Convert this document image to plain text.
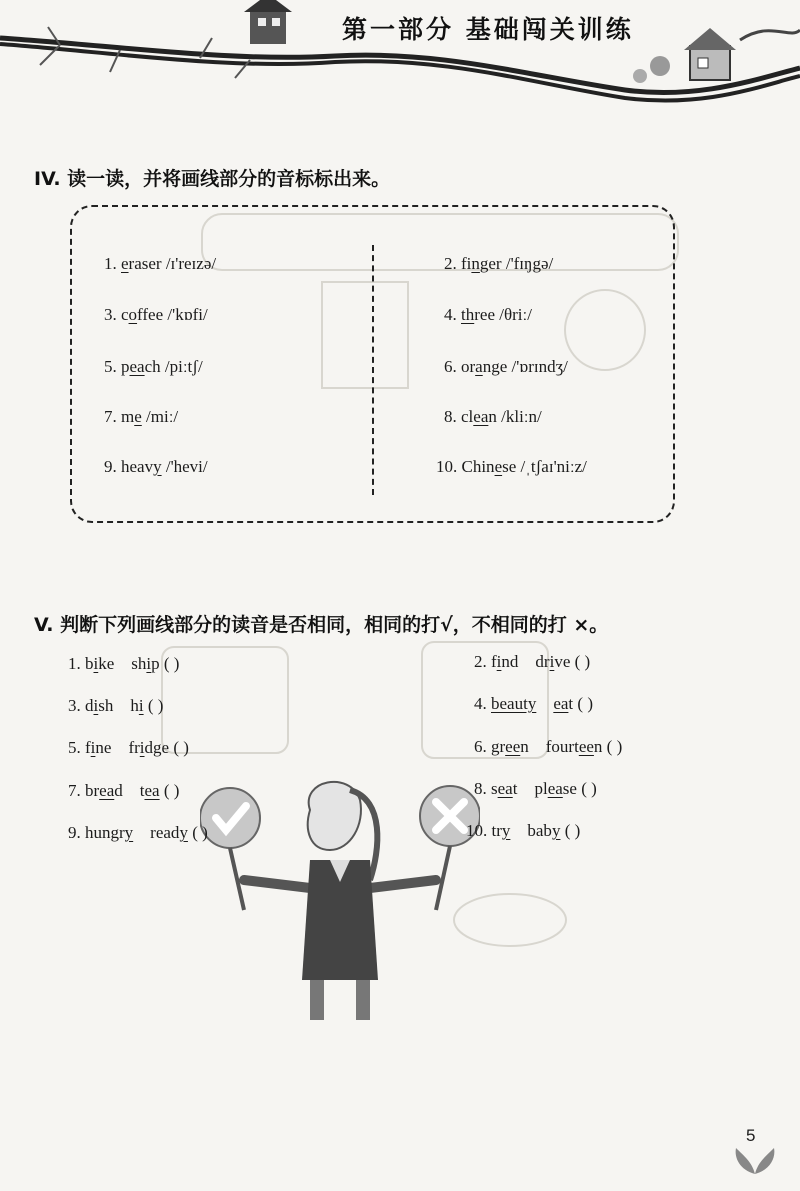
第一部分 基础闯关训练
IV. 读一读，并将画线部分的音标标出来。
1. eraser /ɪ'reɪzə/	2. finger /'fɪŋgə/
3. coffee /'kɒfi/	4. three /θriː/
5. peach /piːtʃ/	6. orange /'ɒrɪndʒ/
7. me /miː/	8. clean /kliːn/
9. heavy /'hevi/	10. Chinese /ˌtʃaɪ'niːz/
V. 判断下列画线部分的读音是否相同，相同的打√，不相同的打 ×。
1. bike ship ( )	2. find drive ( )
3. dish hi ( )	4. beauty eat ( )
5. fine fridge ( )	6. green fourteen ( )
7. bread tea ( )	8. seat please ( )
9. hungry ready ( )	10. try baby ( )
5
